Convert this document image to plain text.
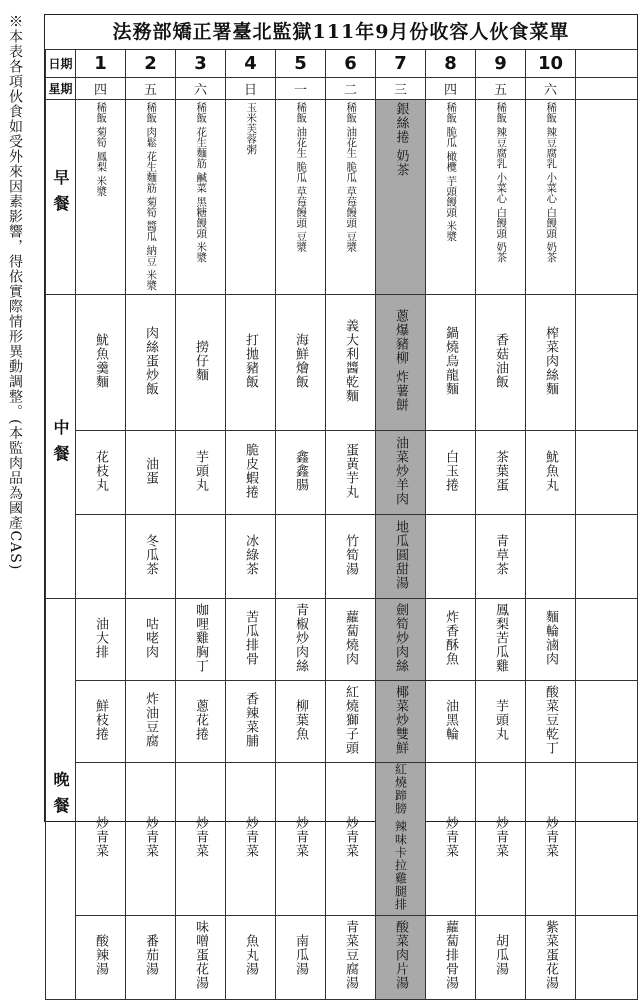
※本表各項伙食如受外來因素影響，得依實際情形異動調整。(本監肉品為國產CAS)	法務部矯正署臺北監獄111年9月份收容人伙食菜單
日期	1	2	3	4	5	6	7	8	9	10	
星期	四	五	六	日	一	二	三	四	五	六	
早餐	稀飯 菊筍 鳳梨 米漿	稀飯 肉鬆 花生麵筋 菊筍 醬瓜 納豆 米漿	稀飯 花生麵筋 鹹菜 黑糖饅頭 米漿	玉米芙蓉粥	稀飯 油花生 脆瓜 草莓饅頭 豆漿	稀飯 油花生 脆瓜 草莓饅頭 豆漿	銀絲捲 奶茶	稀飯 脆瓜 橄欖 芋頭饅頭 米漿	稀飯 辣豆腐乳 小菜心 白饅頭 奶茶	稀飯 辣豆腐乳 小菜心 白饅頭 奶茶	
中餐	魷魚羹麵	肉絲蛋炒飯	撈仔麵	打拋豬飯	海鮮燴飯	義大利醬乾麵	蔥爆豬柳 炸薯餅	鍋燒烏龍麵	香菇油飯	榨菜肉絲麵	
	花枝丸	油蛋	芋頭丸	脆皮蝦捲	鑫鑫腸	蛋黃芋丸	油菜炒羊肉	白玉捲	茶葉蛋	魷魚丸	
		冬瓜茶		冰綠茶		竹筍湯	地瓜圓甜湯		青草茶		
晚餐	油大排	咕咾肉	咖哩雞胸丁	苦瓜排骨	青椒炒肉絲	蘿蔔燒肉	劍筍炒肉絲	炸香酥魚	鳳梨苦瓜雞	麵輪滷肉	
	鮮枝捲	炸油豆腐	蔥花捲	香辣菜脯	柳葉魚	紅燒獅子頭	椰菜炒雙鮮	油黑輪	芋頭丸	酸菜豆乾丁	
	炒青菜	炒青菜	炒青菜	炒青菜	炒青菜	炒青菜	紅燒蹄膀 辣味卡拉雞腿排	炒青菜	炒青菜	炒青菜	
	酸辣湯	番茄湯	味噌蛋花湯	魚丸湯	南瓜湯	青菜豆腐湯	酸菜肉片湯	蘿蔔排骨湯	胡瓜湯	紫菜蛋花湯	
